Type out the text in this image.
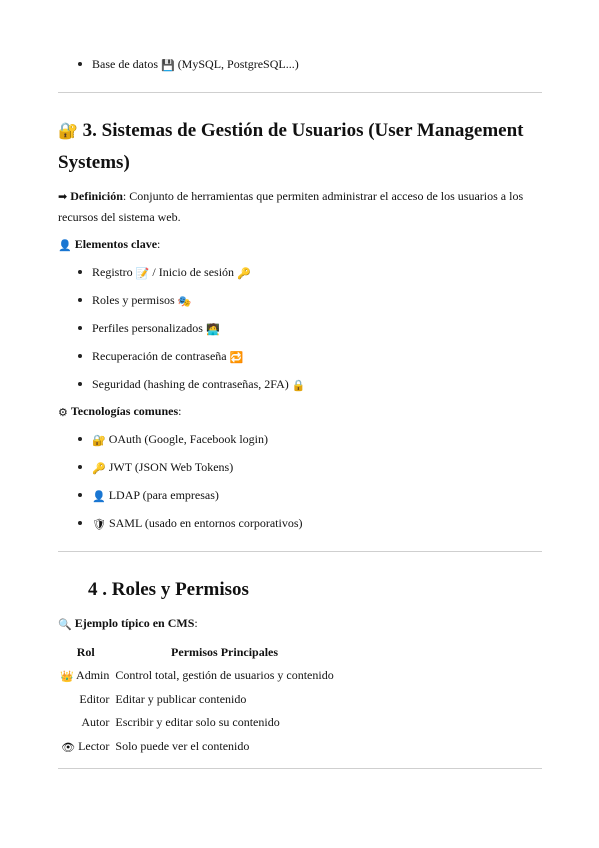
Base de datos 💾 (MySQL, PostgreSQL...)
🔐 3. Sistemas de Gestión de Usuarios (User Management Systems)

➡ Definición: Conjunto de herramientas que permiten administrar el acceso de los usuarios a los recursos del sistema web.

👤 Elementos clave:

Registro 📝 / Inicio de sesión 🔑
Roles y permisos 🎭
Perfiles personalizados 🧑‍💻
Recuperación de contraseña 🔁
Seguridad (hashing de contraseñas, 2FA) 🔒

⚙ Tecnologías comunes:

🔐 OAuth (Google, Facebook login)
🔑 JWT (JSON Web Tokens)
👤 LDAP (para empresas)
🛡 SAML (usado en entornos corporativos)
4 . Roles y Permisos

🔍 Ejemplo típico en CMS:

Rol	Permisos Principales
👑 Admin	Control total, gestión de usuarios y contenido
Editor	Editar y publicar contenido
Autor	Escribir y editar solo su contenido
👁 Lector	Solo puede ver el contenido
